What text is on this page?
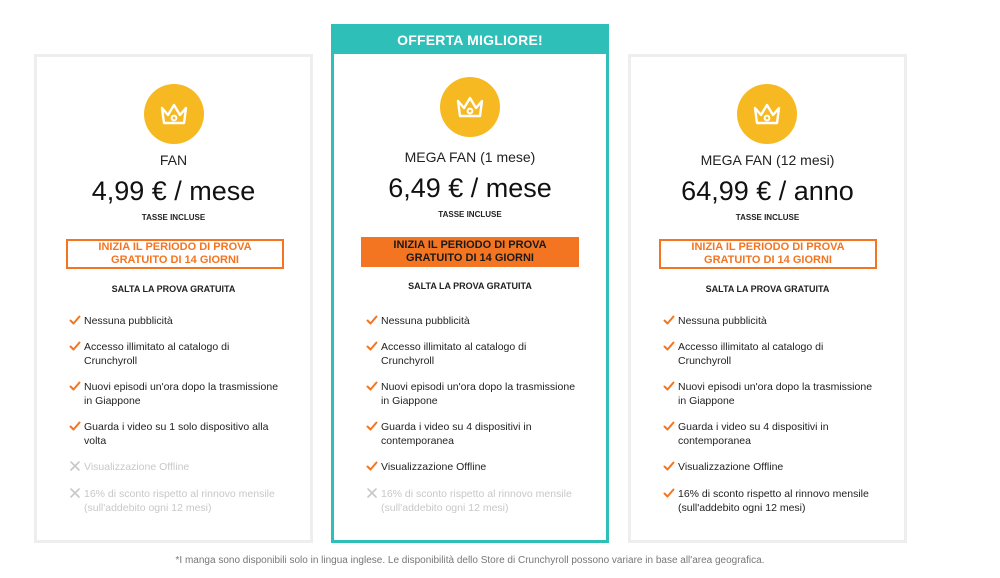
OFFERTA MIGLIORE!
FAN
4,99 € / mese
TASSE INCLUSE
INIZIA IL PERIODO DI PROVA
GRATUITO DI 14 GIORNI
SALTA LA PROVA GRATUITA
Nessuna pubblicità
Accesso illimitato al catalogo di Crunchyroll
Nuovi episodi un'ora dopo la trasmissione in Giappone
Guarda i video su 1 solo dispositivo alla volta
Visualizzazione Offline
16% di sconto rispetto al rinnovo mensile (sull'addebito ogni 12 mesi)
MEGA FAN (1 mese)
6,49 € / mese
TASSE INCLUSE
INIZIA IL PERIODO DI PROVA
GRATUITO DI 14 GIORNI
SALTA LA PROVA GRATUITA
Nessuna pubblicità
Accesso illimitato al catalogo di Crunchyroll
Nuovi episodi un'ora dopo la trasmissione in Giappone
Guarda i video su 4 dispositivi in contemporanea
Visualizzazione Offline
16% di sconto rispetto al rinnovo mensile (sull'addebito ogni 12 mesi)
MEGA FAN (12 mesi)
64,99 € / anno
TASSE INCLUSE
INIZIA IL PERIODO DI PROVA
GRATUITO DI 14 GIORNI
SALTA LA PROVA GRATUITA
Nessuna pubblicità
Accesso illimitato al catalogo di Crunchyroll
Nuovi episodi un'ora dopo la trasmissione in Giappone
Guarda i video su 4 dispositivi in contemporanea
Visualizzazione Offline
16% di sconto rispetto al rinnovo mensile (sull'addebito ogni 12 mesi)
*I manga sono disponibili solo in lingua inglese. Le disponibilità dello Store di Crunchyroll possono variare in base all'area geografica.
